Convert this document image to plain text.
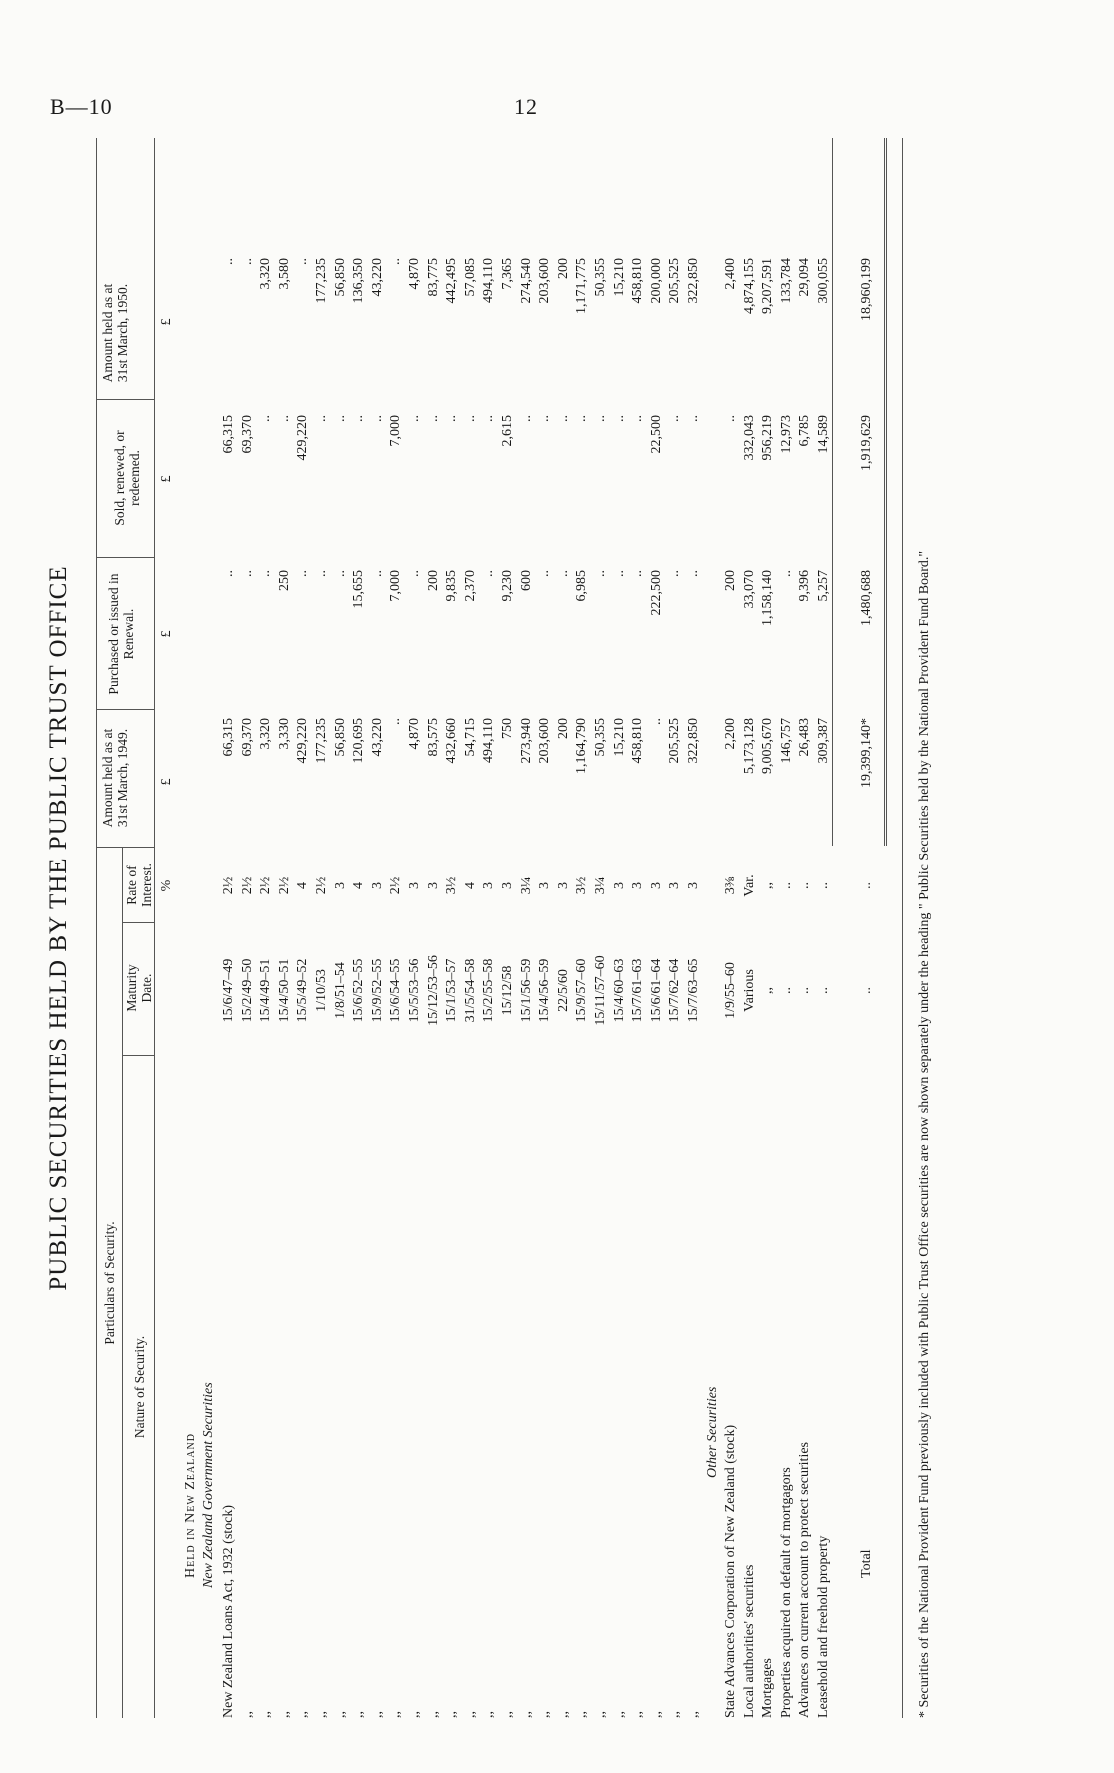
B—10	12
PUBLIC SECURITIES HELD BY THE PUBLIC TRUST OFFICE	Particulars of Security.
Nature of Security.
Maturity Date.
Rate of Interest.
Amount held as at 31st March, 1949.
Purchased or issued in Renewal.
Sold, renewed, or redeemed.
Amount held as at 31st March, 1950.
%
£
£
£
£
Held in New Zealand New Zealand Government Securities
New Zealand Loans Act, 1932 (stock)
15/6/47–49
2½
66,315
..
66,315
..
,,
15/2/49–50
2½
69,370
..
69,370
..
,,
15/4/49–51
2½
3,320
..
..
3,320
,,
15/4/50–51
2½
3,330
250
..
3,580
,,
15/5/49–52
4
429,220
..
429,220
..
,,
1/10/53
2½
177,235
..
..
177,235
,,
1/8/51–54
3
56,850
..
..
56,850
,,
15/6/52–55
4
120,695
15,655
..
136,350
,,
15/9/52–55
3
43,220
..
..
43,220
,,
15/6/54–55
2½
..
7,000
7,000
..
,,
15/5/53–56
3
4,870
..
..
4,870
,,
15/12/53–56
3
83,575
200
..
83,775
,,
15/1/53–57
3½
432,660
9,835
..
442,495
,,
31/5/54–58
4
54,715
2,370
..
57,085
,,
15/2/55–58
3
494,110
..
..
494,110
,,
15/12/58
3
750
9,230
2,615
7,365
,,
15/1/56–59
3¼
273,940
600
..
274,540
,,
15/4/56–59
3
203,600
..
..
203,600
,,
22/5/60
3
200
..
..
200
,,
15/9/57–60
3½
1,164,790
6,985
..
1,171,775
,,
15/11/57–60
3¼
50,355
..
..
50,355
,,
15/4/60–63
3
15,210
..
..
15,210
,,
15/7/61–63
3
458,810
..
..
458,810
,,
15/6/61–64
3
..
222,500
22,500
200,000
,,
15/7/62–64
3
205,525
..
..
205,525
,,
15/7/63–65
3
322,850
..
..
322,850
Other Securities State Advances Corporation of New Zealand (stock)
1/9/55–60
3⅜
2,200
200
..
2,400
Local authorities' securities
Various
Var.
5,173,128
33,070
332,043
4,874,155
Mortgages
,,
,,
9,005,670
1,158,140
956,219
9,207,591
Properties acquired on default of mortgagors
..
..
146,757
..
12,973
133,784
Advances on current account to protect securities
..
..
26,483
9,396
6,785
29,094
Leasehold and freehold property
..
..
309,387
5,257
14,589
300,055
Total
..
..
19,399,140*
1,480,688
1,919,629
18,960,199
* Securities of the National Provident Fund previously included with Public Trust Office securities are now shown separately under the heading " Public Securities held by the National Provident Fund Board."
